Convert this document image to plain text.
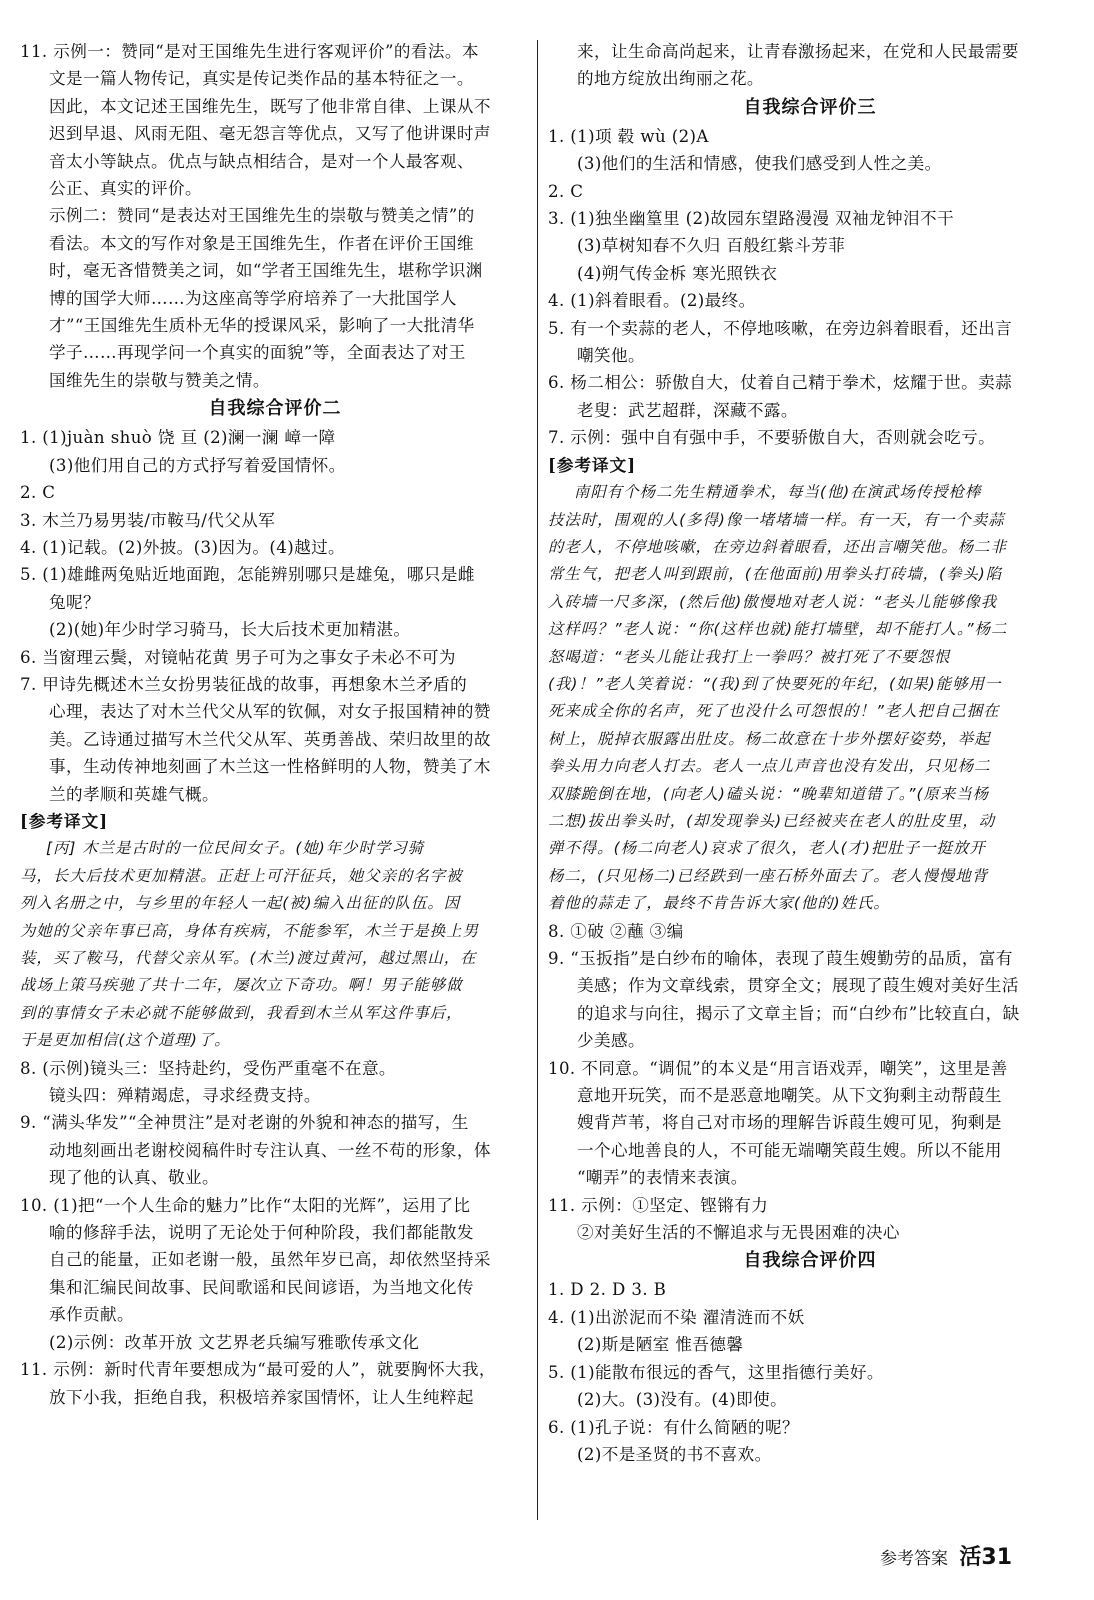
11. 示例一：赞同“是对王国维先生进行客观评价”的看法。本
文是一篇人物传记，真实是传记类作品的基本特征之一。
因此，本文记述王国维先生，既写了他非常自律、上课从不
迟到早退、风雨无阻、毫无怨言等优点，又写了他讲课时声
音太小等缺点。优点与缺点相结合，是对一个人最客观、
公正、真实的评价。
示例二：赞同“是表达对王国维先生的崇敬与赞美之情”的
看法。本文的写作对象是王国维先生，作者在评价王国维
时，毫无吝惜赞美之词，如“学者王国维先生，堪称学识渊
博的国学大师……为这座高等学府培养了一大批国学人
才”“王国维先生质朴无华的授课风采，影响了一大批清华
学子……再现学问一个真实的面貌”等，全面表达了对王
国维先生的崇敬与赞美之情。
自我综合评价二
1. (1)juàn shuò 饶 亘 (2)澜一澜 嶂一障
(3)他们用自己的方式抒写着爱国情怀。
2. C
3. 木兰乃易男装/市鞍马/代父从军
4. (1)记载。(2)外披。(3)因为。(4)越过。
5. (1)雄雌两兔贴近地面跑，怎能辨别哪只是雄兔，哪只是雌
兔呢？
(2)(她)年少时学习骑马，长大后技术更加精湛。
6. 当窗理云鬓，对镜帖花黄 男子可为之事女子未必不可为
7. 甲诗先概述木兰女扮男装征战的故事，再想象木兰矛盾的
心理，表达了对木兰代父从军的钦佩，对女子报国精神的赞
美。乙诗通过描写木兰代父从军、英勇善战、荣归故里的故
事，生动传神地刻画了木兰这一性格鲜明的人物，赞美了木
兰的孝顺和英雄气概。
[参考译文]
[丙] 木兰是古时的一位民间女子。(她)年少时学习骑
马，长大后技术更加精湛。正赶上可汗征兵，她父亲的名字被
列入名册之中，与乡里的年轻人一起(被)编入出征的队伍。因
为她的父亲年事已高，身体有疾病，不能参军，木兰于是换上男
装，买了鞍马，代替父亲从军。(木兰)渡过黄河，越过黑山，在
战场上策马疾驰了共十二年，屡次立下奇功。啊！男子能够做
到的事情女子未必就不能够做到，我看到木兰从军这件事后，
于是更加相信(这个道理)了。
8. (示例)镜头三：坚持赴约，受伤严重毫不在意。
镜头四：殚精竭虑，寻求经费支持。
9. “满头华发”“全神贯注”是对老谢的外貌和神态的描写，生
动地刻画出老谢校阅稿件时专注认真、一丝不苟的形象，体
现了他的认真、敬业。
10. (1)把“一个人生命的魅力”比作“太阳的光辉”，运用了比
喻的修辞手法，说明了无论处于何种阶段，我们都能散发
自己的能量，正如老谢一般，虽然年岁已高，却依然坚持采
集和汇编民间故事、民间歌谣和民间谚语，为当地文化传
承作贡献。
(2)示例：改革开放 文艺界老兵编写雅歌传承文化
11. 示例：新时代青年要想成为“最可爱的人”，就要胸怀大我，
放下小我，拒绝自我，积极培养家国情怀，让人生纯粹起
来，让生命高尚起来，让青春激扬起来，在党和人民最需要
的地方绽放出绚丽之花。
自我综合评价三
1. (1)项 毂 wù (2)A
(3)他们的生活和情感，使我们感受到人性之美。
2. C
3. (1)独坐幽篁里 (2)故园东望路漫漫 双袖龙钟泪不干
(3)草树知春不久归 百般红紫斗芳菲
(4)朔气传金柝 寒光照铁衣
4. (1)斜着眼看。(2)最终。
5. 有一个卖蒜的老人，不停地咳嗽，在旁边斜着眼看，还出言
嘲笑他。
6. 杨二相公：骄傲自大，仗着自己精于拳术，炫耀于世。卖蒜
老叟：武艺超群，深藏不露。
7. 示例：强中自有强中手，不要骄傲自大，否则就会吃亏。
[参考译文]
南阳有个杨二先生精通拳术，每当(他)在演武场传授枪棒
技法时，围观的人(多得)像一堵堵墙一样。有一天，有一个卖蒜
的老人，不停地咳嗽，在旁边斜着眼看，还出言嘲笑他。杨二非
常生气，把老人叫到跟前，(在他面前)用拳头打砖墙，(拳头)陷
入砖墙一尺多深，(然后他)傲慢地对老人说：“老头儿能够像我
这样吗？”老人说：“你(这样也就)能打墙壁，却不能打人。”杨二
怒喝道：“老头儿能让我打上一拳吗？被打死了不要怨恨
(我)！”老人笑着说：“(我)到了快要死的年纪，(如果)能够用一
死来成全你的名声，死了也没什么可怨恨的！”老人把自己捆在
树上，脱掉衣服露出肚皮。杨二故意在十步外摆好姿势，举起
拳头用力向老人打去。老人一点儿声音也没有发出，只见杨二
双膝跪倒在地，(向老人)磕头说：“晚辈知道错了。”(原来当杨
二想)拔出拳头时，(却发现拳头)已经被夹在老人的肚皮里，动
弹不得。(杨二向老人)哀求了很久，老人(才)把肚子一挺放开
杨二，(只见杨二)已经跌到一座石桥外面去了。老人慢慢地背
着他的蒜走了，最终不肯告诉大家(他的)姓氏。
8. ①破 ②蘸 ③编
9. “玉扳指”是白纱布的喻体，表现了葭生嫂勤劳的品质，富有
美感；作为文章线索，贯穿全文；展现了葭生嫂对美好生活
的追求与向往，揭示了文章主旨；而“白纱布”比较直白，缺
少美感。
10. 不同意。“调侃”的本义是“用言语戏弄，嘲笑”，这里是善
意地开玩笑，而不是恶意地嘲笑。从下文狗剩主动帮葭生
嫂背芦苇，将自己对市场的理解告诉葭生嫂可见，狗剩是
一个心地善良的人，不可能无端嘲笑葭生嫂。所以不能用
“嘲弄”的表情来表演。
11. 示例：①坚定、铿锵有力
②对美好生活的不懈追求与无畏困难的决心
自我综合评价四
1. D 2. D 3. B
4. (1)出淤泥而不染 濯清涟而不妖
(2)斯是陋室 惟吾德馨
5. (1)能散布很远的香气，这里指德行美好。
(2)大。(3)没有。(4)即使。
6. (1)孔子说：有什么简陋的呢？
(2)不是圣贤的书不喜欢。
参考答案 活31
